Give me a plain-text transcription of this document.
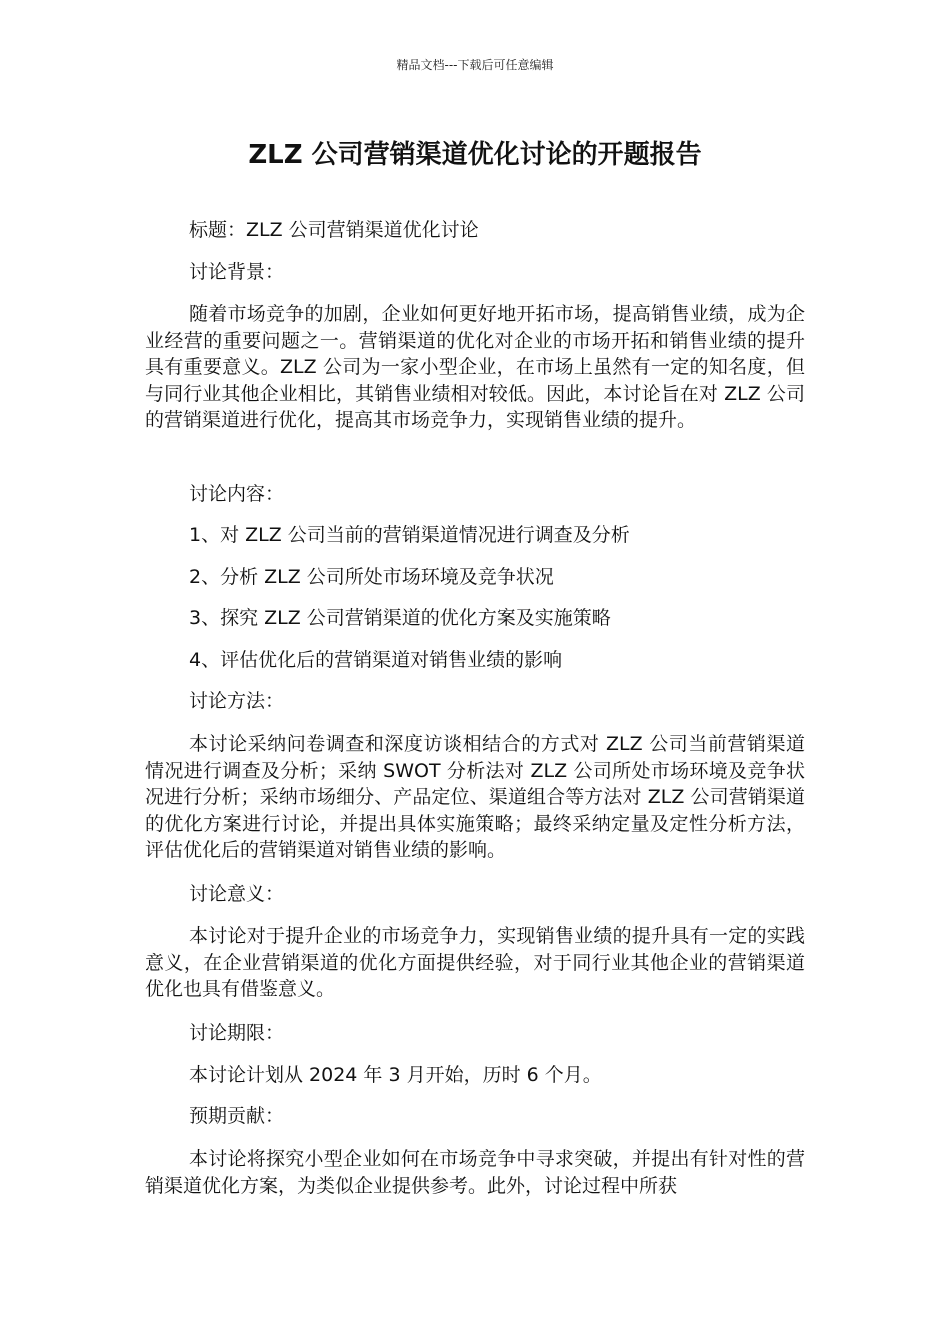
精品文档---下载后可任意编辑
ZLZ 公司营销渠道优化讨论的开题报告
标题：ZLZ 公司营销渠道优化讨论
讨论背景：
随着市场竞争的加剧，企业如何更好地开拓市场，提高销售业绩，成为企业经营的重要问题之一。营销渠道的优化对企业的市场开拓和销售业绩的提升具有重要意义。ZLZ 公司为一家小型企业，在市场上虽然有一定的知名度，但与同行业其他企业相比，其销售业绩相对较低。因此，本讨论旨在对 ZLZ 公司的营销渠道进行优化，提高其市场竞争力，实现销售业绩的提升。
讨论内容：
1、对 ZLZ 公司当前的营销渠道情况进行调查及分析
2、分析 ZLZ 公司所处市场环境及竞争状况
3、探究 ZLZ 公司营销渠道的优化方案及实施策略
4、评估优化后的营销渠道对销售业绩的影响
讨论方法：
本讨论采纳问卷调查和深度访谈相结合的方式对 ZLZ 公司当前营销渠道情况进行调查及分析；采纳 SWOT 分析法对 ZLZ 公司所处市场环境及竞争状况进行分析；采纳市场细分、产品定位、渠道组合等方法对 ZLZ 公司营销渠道的优化方案进行讨论，并提出具体实施策略；最终采纳定量及定性分析方法，评估优化后的营销渠道对销售业绩的影响。
讨论意义：
本讨论对于提升企业的市场竞争力，实现销售业绩的提升具有一定的实践意义，在企业营销渠道的优化方面提供经验，对于同行业其他企业的营销渠道优化也具有借鉴意义。
讨论期限：
本讨论计划从 2024 年 3 月开始，历时 6 个月。
预期贡献：
本讨论将探究小型企业如何在市场竞争中寻求突破，并提出有针对性的营销渠道优化方案，为类似企业提供参考。此外，讨论过程中所获
